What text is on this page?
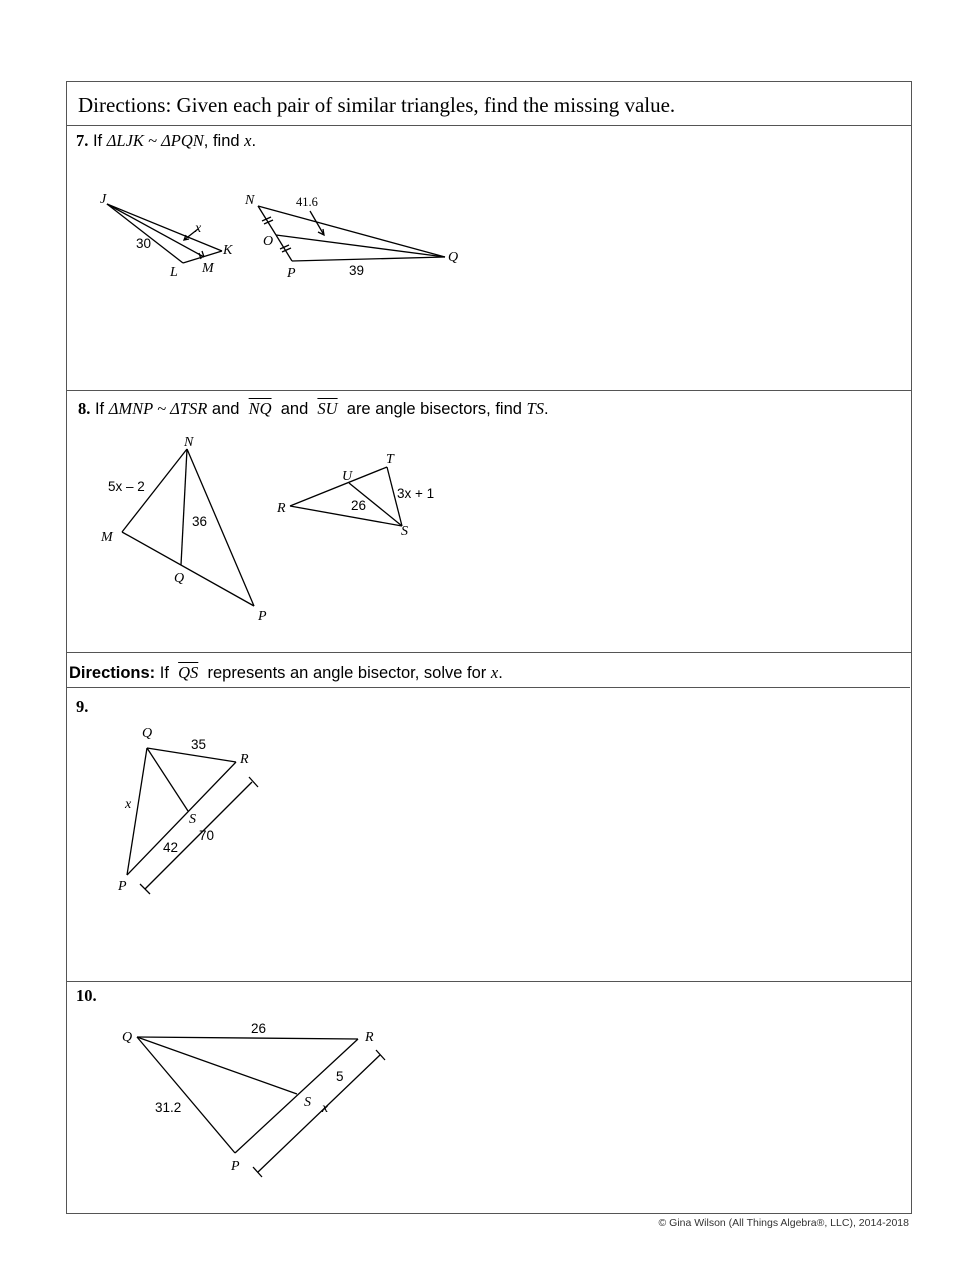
Directions: Given each pair of similar triangles, find the missing value.
7. If ΔLJK ~ ΔPQN, find x.
8. If ΔMNP ~ ΔTSR and $\overline{NQ}$ and $\overline{SU}$ are angle bisectors, find TS.
Directions: If $\overline{QS}$ represents an angle bisector, solve for x.
9.
10.
J
K
L M
x
30
N
O
P
Q
41.6
39
N
M
Q
P
5x – 2
36
T
U
R
S
26
3x + 1
Q
R
S
P
35
x
42
70
Q	R
S
P
26
31.2
5
x
© Gina Wilson (All Things Algebra®, LLC), 2014-2018
